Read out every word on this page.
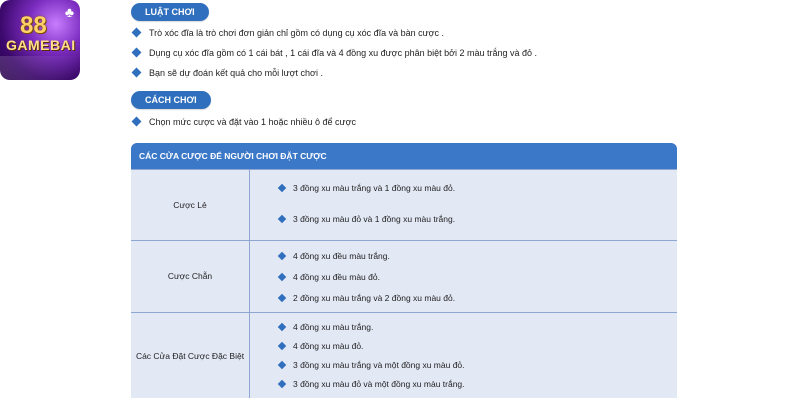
♣
88
GAMEBAI
LUẬT CHƠI
Trò xóc đĩa là trò chơi đơn giản chỉ gồm có dụng cụ xóc đĩa và bàn cược .
Dụng cụ xóc đĩa gồm có 1 cái bát , 1 cái đĩa và 4 đồng xu được phân biệt bởi 2 màu trắng và đỏ .
Bạn sẽ dự đoán kết quả cho mỗi lượt chơi .
CÁCH CHƠI
Chọn mức cược và đặt vào 1 hoặc nhiều ô để cược
CÁC CỬA CƯỢC ĐỂ NGƯỜI CHƠI ĐẶT CƯỢC
Cược Lẻ
3 đồng xu màu trắng và 1 đồng xu màu đỏ.
3 đồng xu màu đỏ và 1 đồng xu màu trắng.
Cược Chẵn
4 đồng xu đều màu trắng.
4 đồng xu đều màu đỏ.
2 đồng xu màu trắng và 2 đồng xu màu đỏ.
Các Cửa Đặt Cược Đặc Biệt
4 đồng xu màu trắng.
4 đồng xu màu đỏ.
3 đồng xu màu trắng và một đồng xu màu đỏ.
3 đồng xu màu đỏ và một đồng xu màu trắng.
